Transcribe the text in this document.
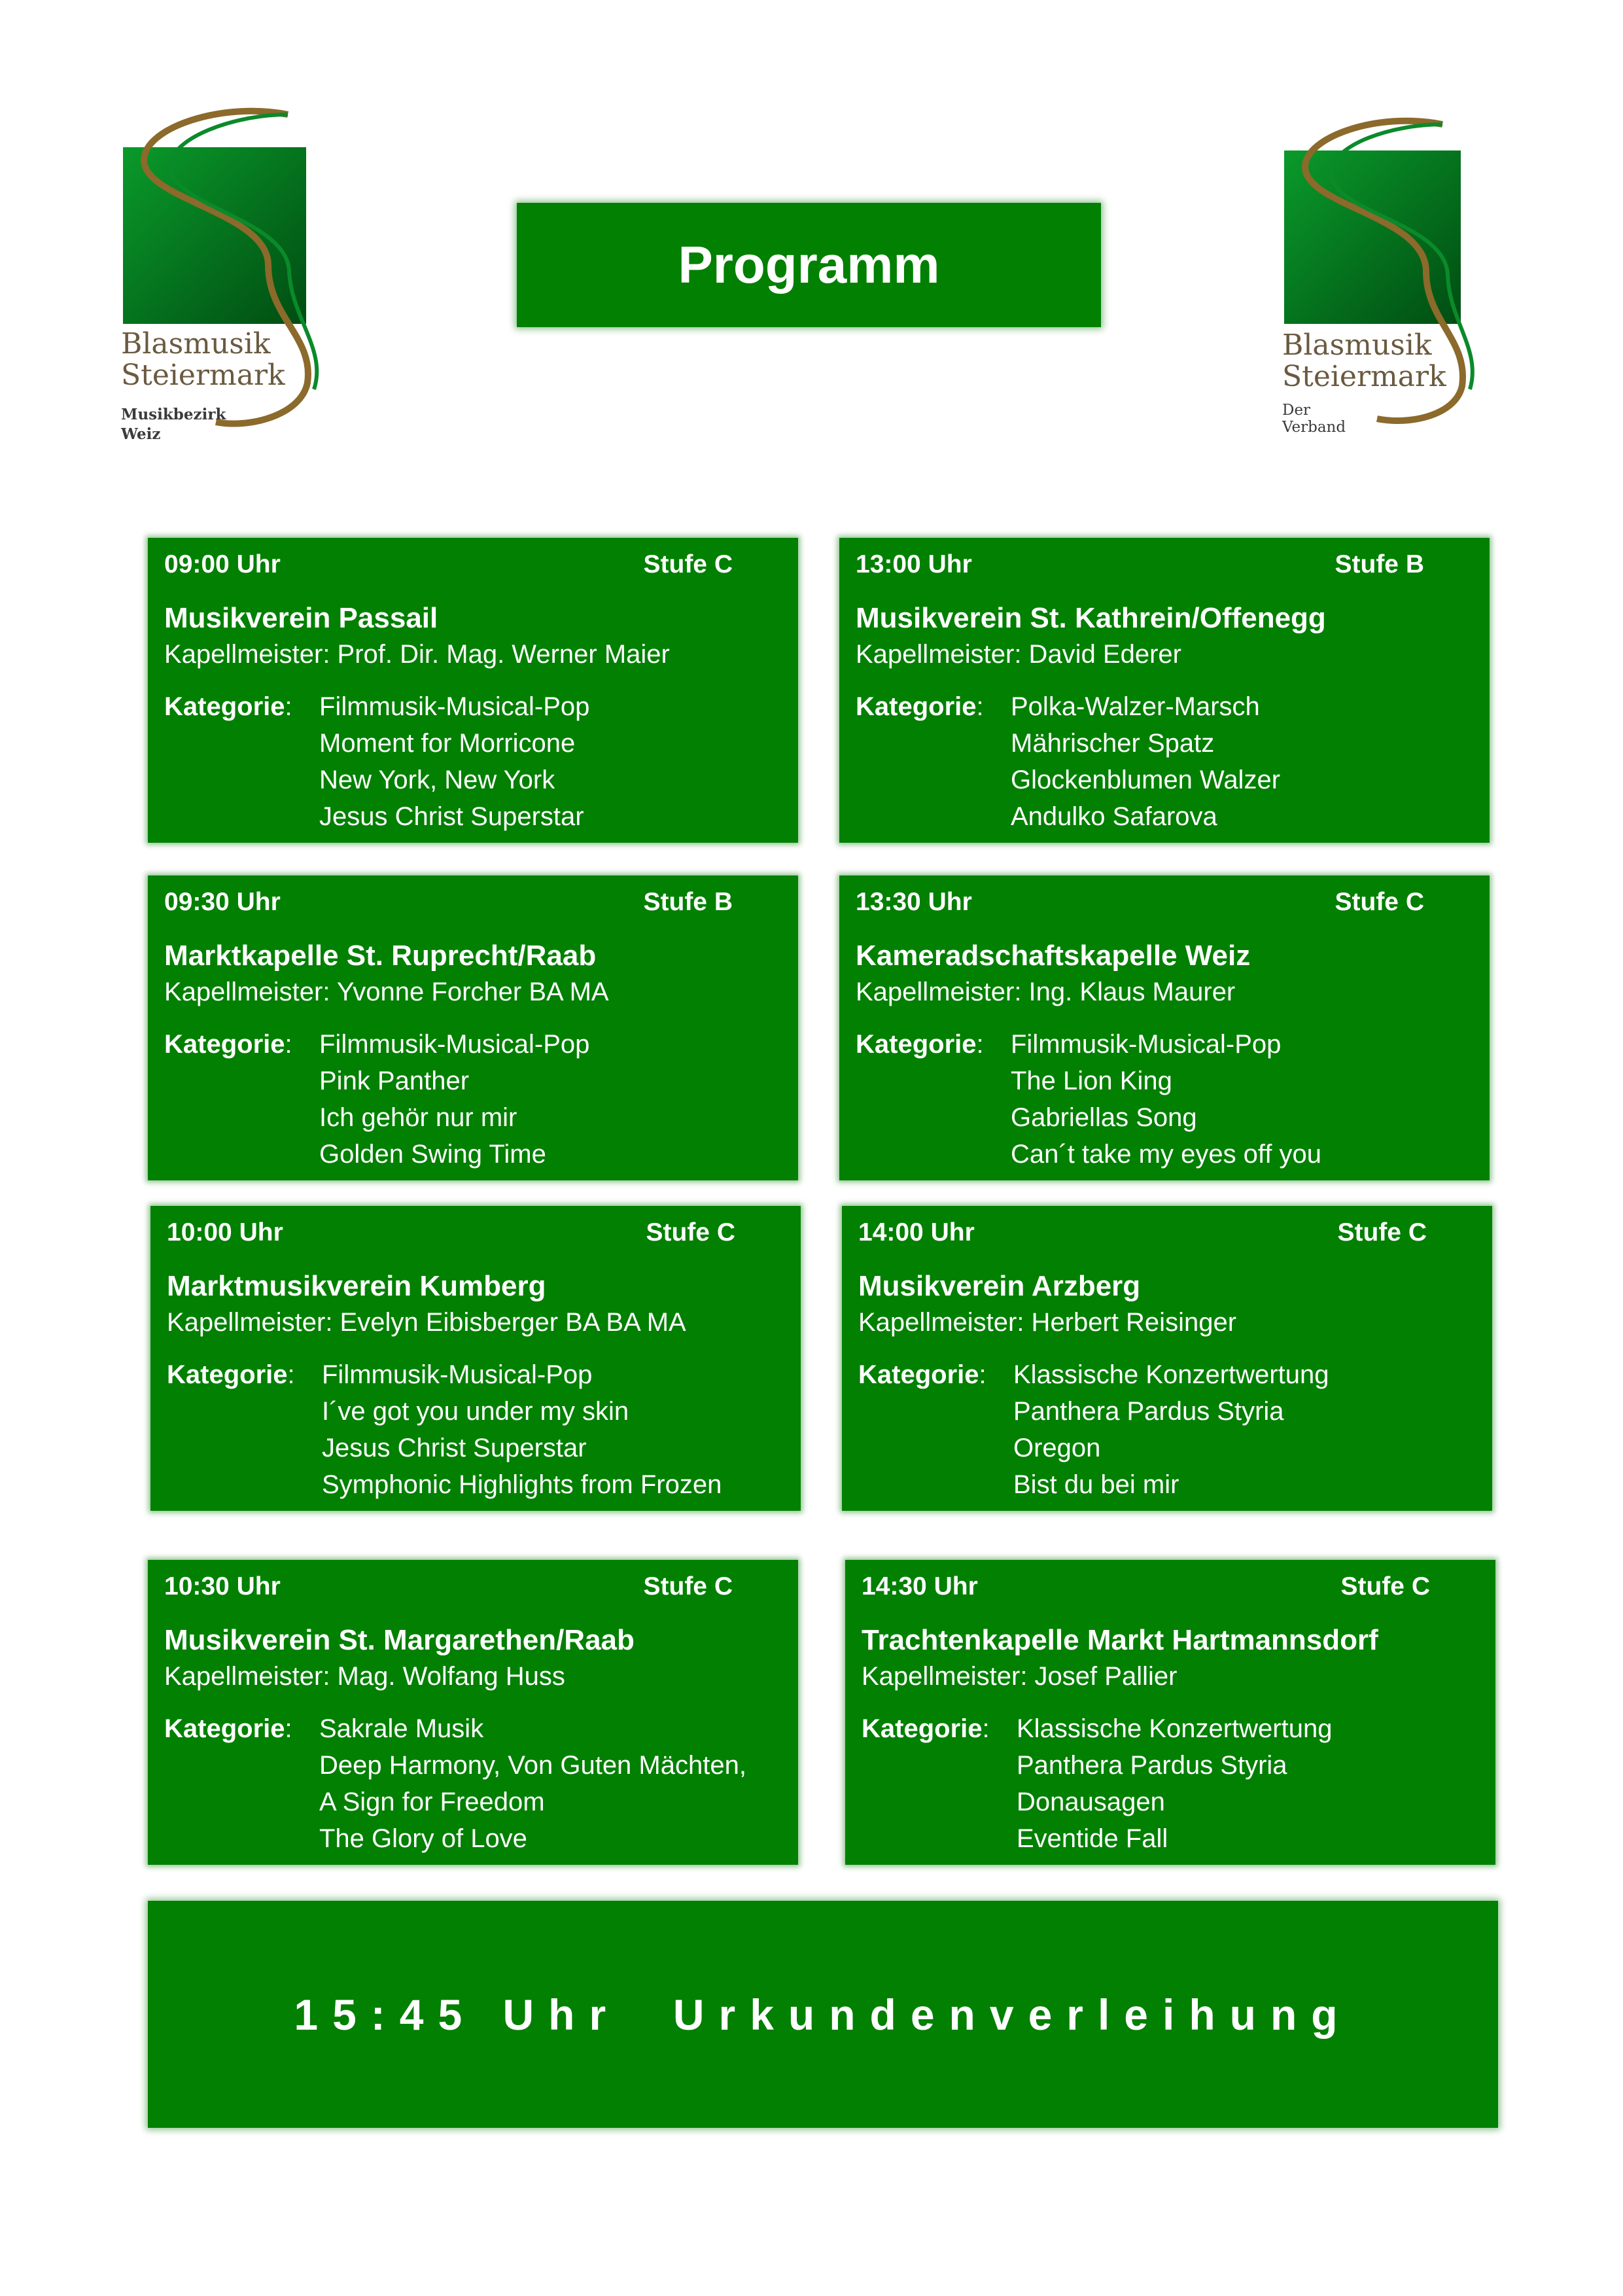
Blasmusik
Steiermark
Musikbezirk
Weiz
Blasmusik
Steiermark
Der Verband
Programm
09:00 Uhr	Stufe C
Musikverein Passail
Kapellmeister: Prof. Dir. Mag. Werner Maier
Kategorie:	Filmmusik-Musical-Pop
Moment for Morricone
New York, New York
Jesus Christ Superstar
13:00 Uhr	Stufe B
Musikverein St. Kathrein/Offenegg
Kapellmeister: David Ederer
Kategorie:	Polka-Walzer-Marsch
Mährischer Spatz
Glockenblumen Walzer
Andulko Safarova
09:30 Uhr	Stufe B
Marktkapelle St. Ruprecht/Raab
Kapellmeister: Yvonne Forcher BA MA
Kategorie:	Filmmusik-Musical-Pop
Pink Panther
Ich gehör nur mir
Golden Swing Time
13:30 Uhr	Stufe C
Kameradschaftskapelle Weiz
Kapellmeister: Ing. Klaus Maurer
Kategorie:	Filmmusik-Musical-Pop
The Lion King
Gabriellas Song
Can´t take my eyes off you
10:00 Uhr	Stufe C
Marktmusikverein Kumberg
Kapellmeister: Evelyn Eibisberger BA BA MA
Kategorie:	Filmmusik-Musical-Pop
I´ve got you under my skin
Jesus Christ Superstar
Symphonic Highlights from Frozen
14:00 Uhr	Stufe C
Musikverein Arzberg
Kapellmeister: Herbert Reisinger
Kategorie:	Klassische Konzertwertung
Panthera Pardus Styria
Oregon
Bist du bei mir
10:30 Uhr	Stufe C
Musikverein St. Margarethen/Raab
Kapellmeister: Mag. Wolfang Huss
Kategorie:	Sakrale Musik
Deep Harmony, Von Guten Mächten,
A Sign for Freedom
The Glory of Love
14:30 Uhr	Stufe C
Trachtenkapelle Markt Hartmannsdorf
Kapellmeister: Josef Pallier
Kategorie:	Klassische Konzertwertung
Panthera Pardus Styria
Donausagen
Eventide Fall
15:45 Uhr  Urkundenverleihung
